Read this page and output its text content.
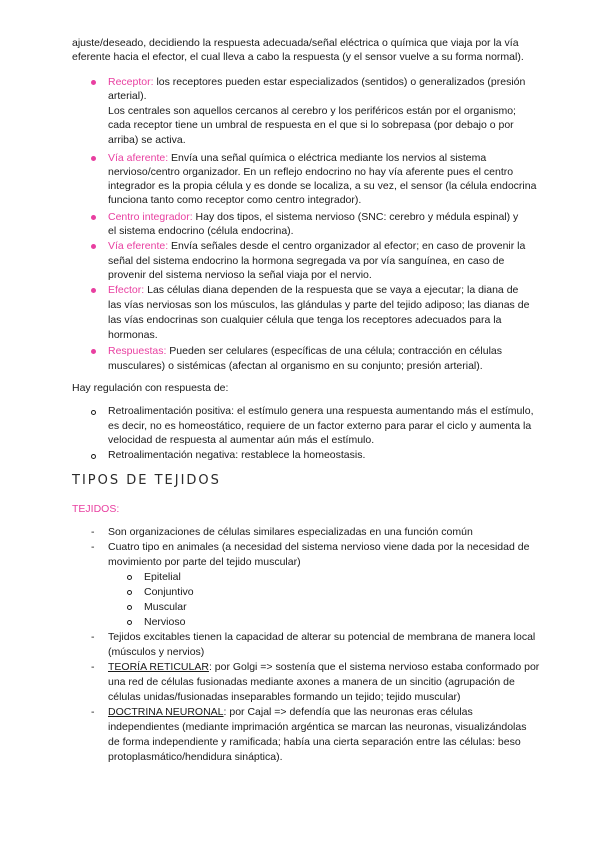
ajuste/deseado, decidiendo la respuesta adecuada/señal eléctrica o química que viaja por la vía
eferente hacia el efector, el cual lleva a cabo la respuesta (y el sensor vuelve a su forma normal).
Receptor: los receptores pueden estar especializados (sentidos) o generalizados (presión
arterial).
Los centrales son aquellos cercanos al cerebro y los periféricos están por el organismo;
cada receptor tiene un umbral de respuesta en el que si lo sobrepasa (por debajo o por
arriba) se activa.
Vía aferente: Envía una señal química o eléctrica mediante los nervios al sistema
nervioso/centro organizador. En un reflejo endocrino no hay vía aferente pues el centro
integrador es la propia célula y es donde se localiza, a su vez, el sensor (la célula endocrina
funciona tanto como receptor como centro integrador).
Centro integrador: Hay dos tipos, el sistema nervioso (SNC: cerebro y médula espinal) y
el sistema endocrino (célula endocrina).
Vía eferente: Envía señales desde el centro organizador al efector; en caso de provenir la
señal del sistema endocrino la hormona segregada va por vía sanguínea, en caso de
provenir del sistema nervioso la señal viaja por el nervio.
Efector: Las células diana dependen de la respuesta que se vaya a ejecutar; la diana de
las vías nerviosas son los músculos, las glándulas y parte del tejido adiposo; las dianas de
las vías endocrinas son cualquier célula que tenga los receptores adecuados para la
hormonas.
Respuestas: Pueden ser celulares (específicas de una célula; contracción en células
musculares) o sistémicas (afectan al organismo en su conjunto; presión arterial).
Hay regulación con respuesta de:
Retroalimentación positiva: el estímulo genera una respuesta aumentando más el estímulo,
es decir, no es homeostático, requiere de un factor externo para parar el ciclo y aumenta la
velocidad de respuesta al aumentar aún más el estímulo.
Retroalimentación negativa: restablece la homeostasis.
TIPOS DE TEJIDOS
TEJIDOS:
- Son organizaciones de células similares especializadas en una función común
- Cuatro tipo en animales (a necesidad del sistema nervioso viene dada por la necesidad de
movimiento por parte del tejido muscular)
Epitelial
Conjuntivo
Muscular
Nervioso
- Tejidos excitables tienen la capacidad de alterar su potencial de membrana de manera local
(músculos y nervios)
- TEORÍA RETICULAR: por Golgi => sostenía que el sistema nervioso estaba conformado por
una red de células fusionadas mediante axones a manera de un sincitio (agrupación de
células unidas/fusionadas inseparables formando un tejido; tejido muscular)
- DOCTRINA NEURONAL: por Cajal => defendía que las neuronas eras células
independientes (mediante imprimación argéntica se marcan las neuronas, visualizándolas
de forma independiente y ramificada; había una cierta separación entre las células: beso
protoplasmático/hendidura sináptica).
